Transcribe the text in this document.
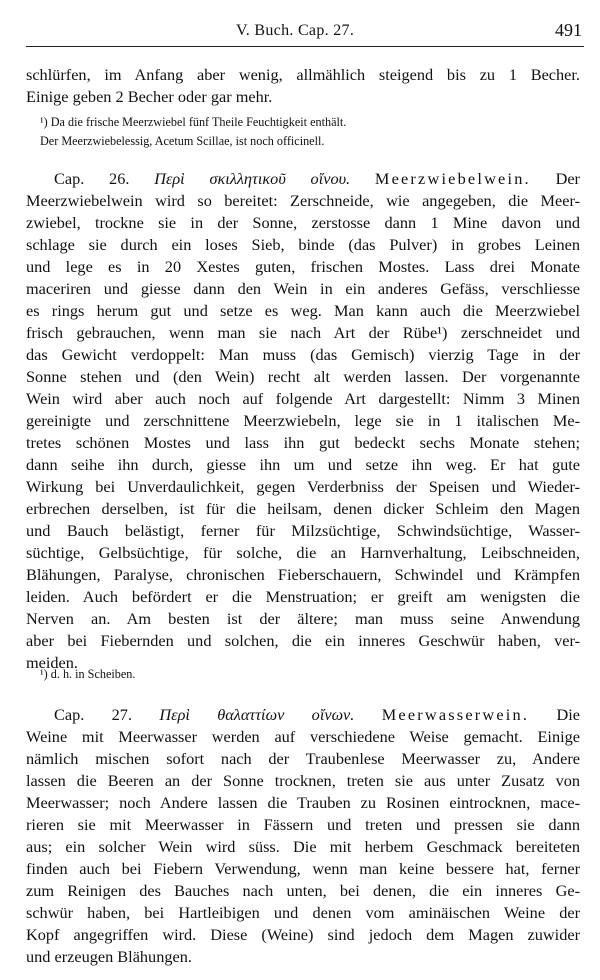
V. Buch. Cap. 27.	491
schlürfen, im Anfang aber wenig, allmählich steigend bis zu 1 Becher.
Einige geben 2 Becher oder gar mehr.
¹) Da die frische Meerzwiebel fünf Theile Feuchtigkeit enthält.
Der Meerzwiebelessig, Acetum Scillae, ist noch officinell.
Cap. 26. Περὶ σκιλλητικοῦ οἴνου. Meerzwiebelwein. Der
Meerzwiebelwein wird so bereitet: Zerschneide, wie angegeben, die Meer-
zwiebel, trockne sie in der Sonne, zerstosse dann 1 Mine davon und
schlage sie durch ein loses Sieb, binde (das Pulver) in grobes Leinen
und lege es in 20 Xestes guten, frischen Mostes. Lass drei Monate
maceriren und giesse dann den Wein in ein anderes Gefäss, verschliesse
es rings herum gut und setze es weg. Man kann auch die Meerzwiebel
frisch gebrauchen, wenn man sie nach Art der Rübe¹) zerschneidet und
das Gewicht verdoppelt: Man muss (das Gemisch) vierzig Tage in der
Sonne stehen und (den Wein) recht alt werden lassen. Der vorgenannte
Wein wird aber auch noch auf folgende Art dargestellt: Nimm 3 Minen
gereinigte und zerschnittene Meerzwiebeln, lege sie in 1 italischen Me-
tretes schönen Mostes und lass ihn gut bedeckt sechs Monate stehen;
dann seihe ihn durch, giesse ihn um und setze ihn weg. Er hat gute
Wirkung bei Unverdaulichkeit, gegen Verderbniss der Speisen und Wieder-
erbrechen derselben, ist für die heilsam, denen dicker Schleim den Magen
und Bauch belästigt, ferner für Milzsüchtige, Schwindsüchtige, Wasser-
süchtige, Gelbsüchtige, für solche, die an Harnverhaltung, Leibschneiden,
Blähungen, Paralyse, chronischen Fieberschauern, Schwindel und Krämpfen
leiden. Auch befördert er die Menstruation; er greift am wenigsten die
Nerven an. Am besten ist der ältere; man muss seine Anwendung
aber bei Fiebernden und solchen, die ein inneres Geschwür haben, ver-
meiden.
¹) d. h. in Scheiben.
Cap. 27. Περὶ θαλαττίων οἴνων. Meerwasserwein. Die
Weine mit Meerwasser werden auf verschiedene Weise gemacht. Einige
nämlich mischen sofort nach der Traubenlese Meerwasser zu, Andere
lassen die Beeren an der Sonne trocknen, treten sie aus unter Zusatz von
Meerwasser; noch Andere lassen die Trauben zu Rosinen eintrocknen, mace-
rieren sie mit Meerwasser in Fässern und treten und pressen sie dann
aus; ein solcher Wein wird süss. Die mit herbem Geschmack bereiteten
finden auch bei Fiebern Verwendung, wenn man keine bessere hat, ferner
zum Reinigen des Bauches nach unten, bei denen, die ein inneres Ge-
schwür haben, bei Hartleibigen und denen vom aminäischen Weine der
Kopf angegriffen wird. Diese (Weine) sind jedoch dem Magen zuwider
und erzeugen Blähungen.
